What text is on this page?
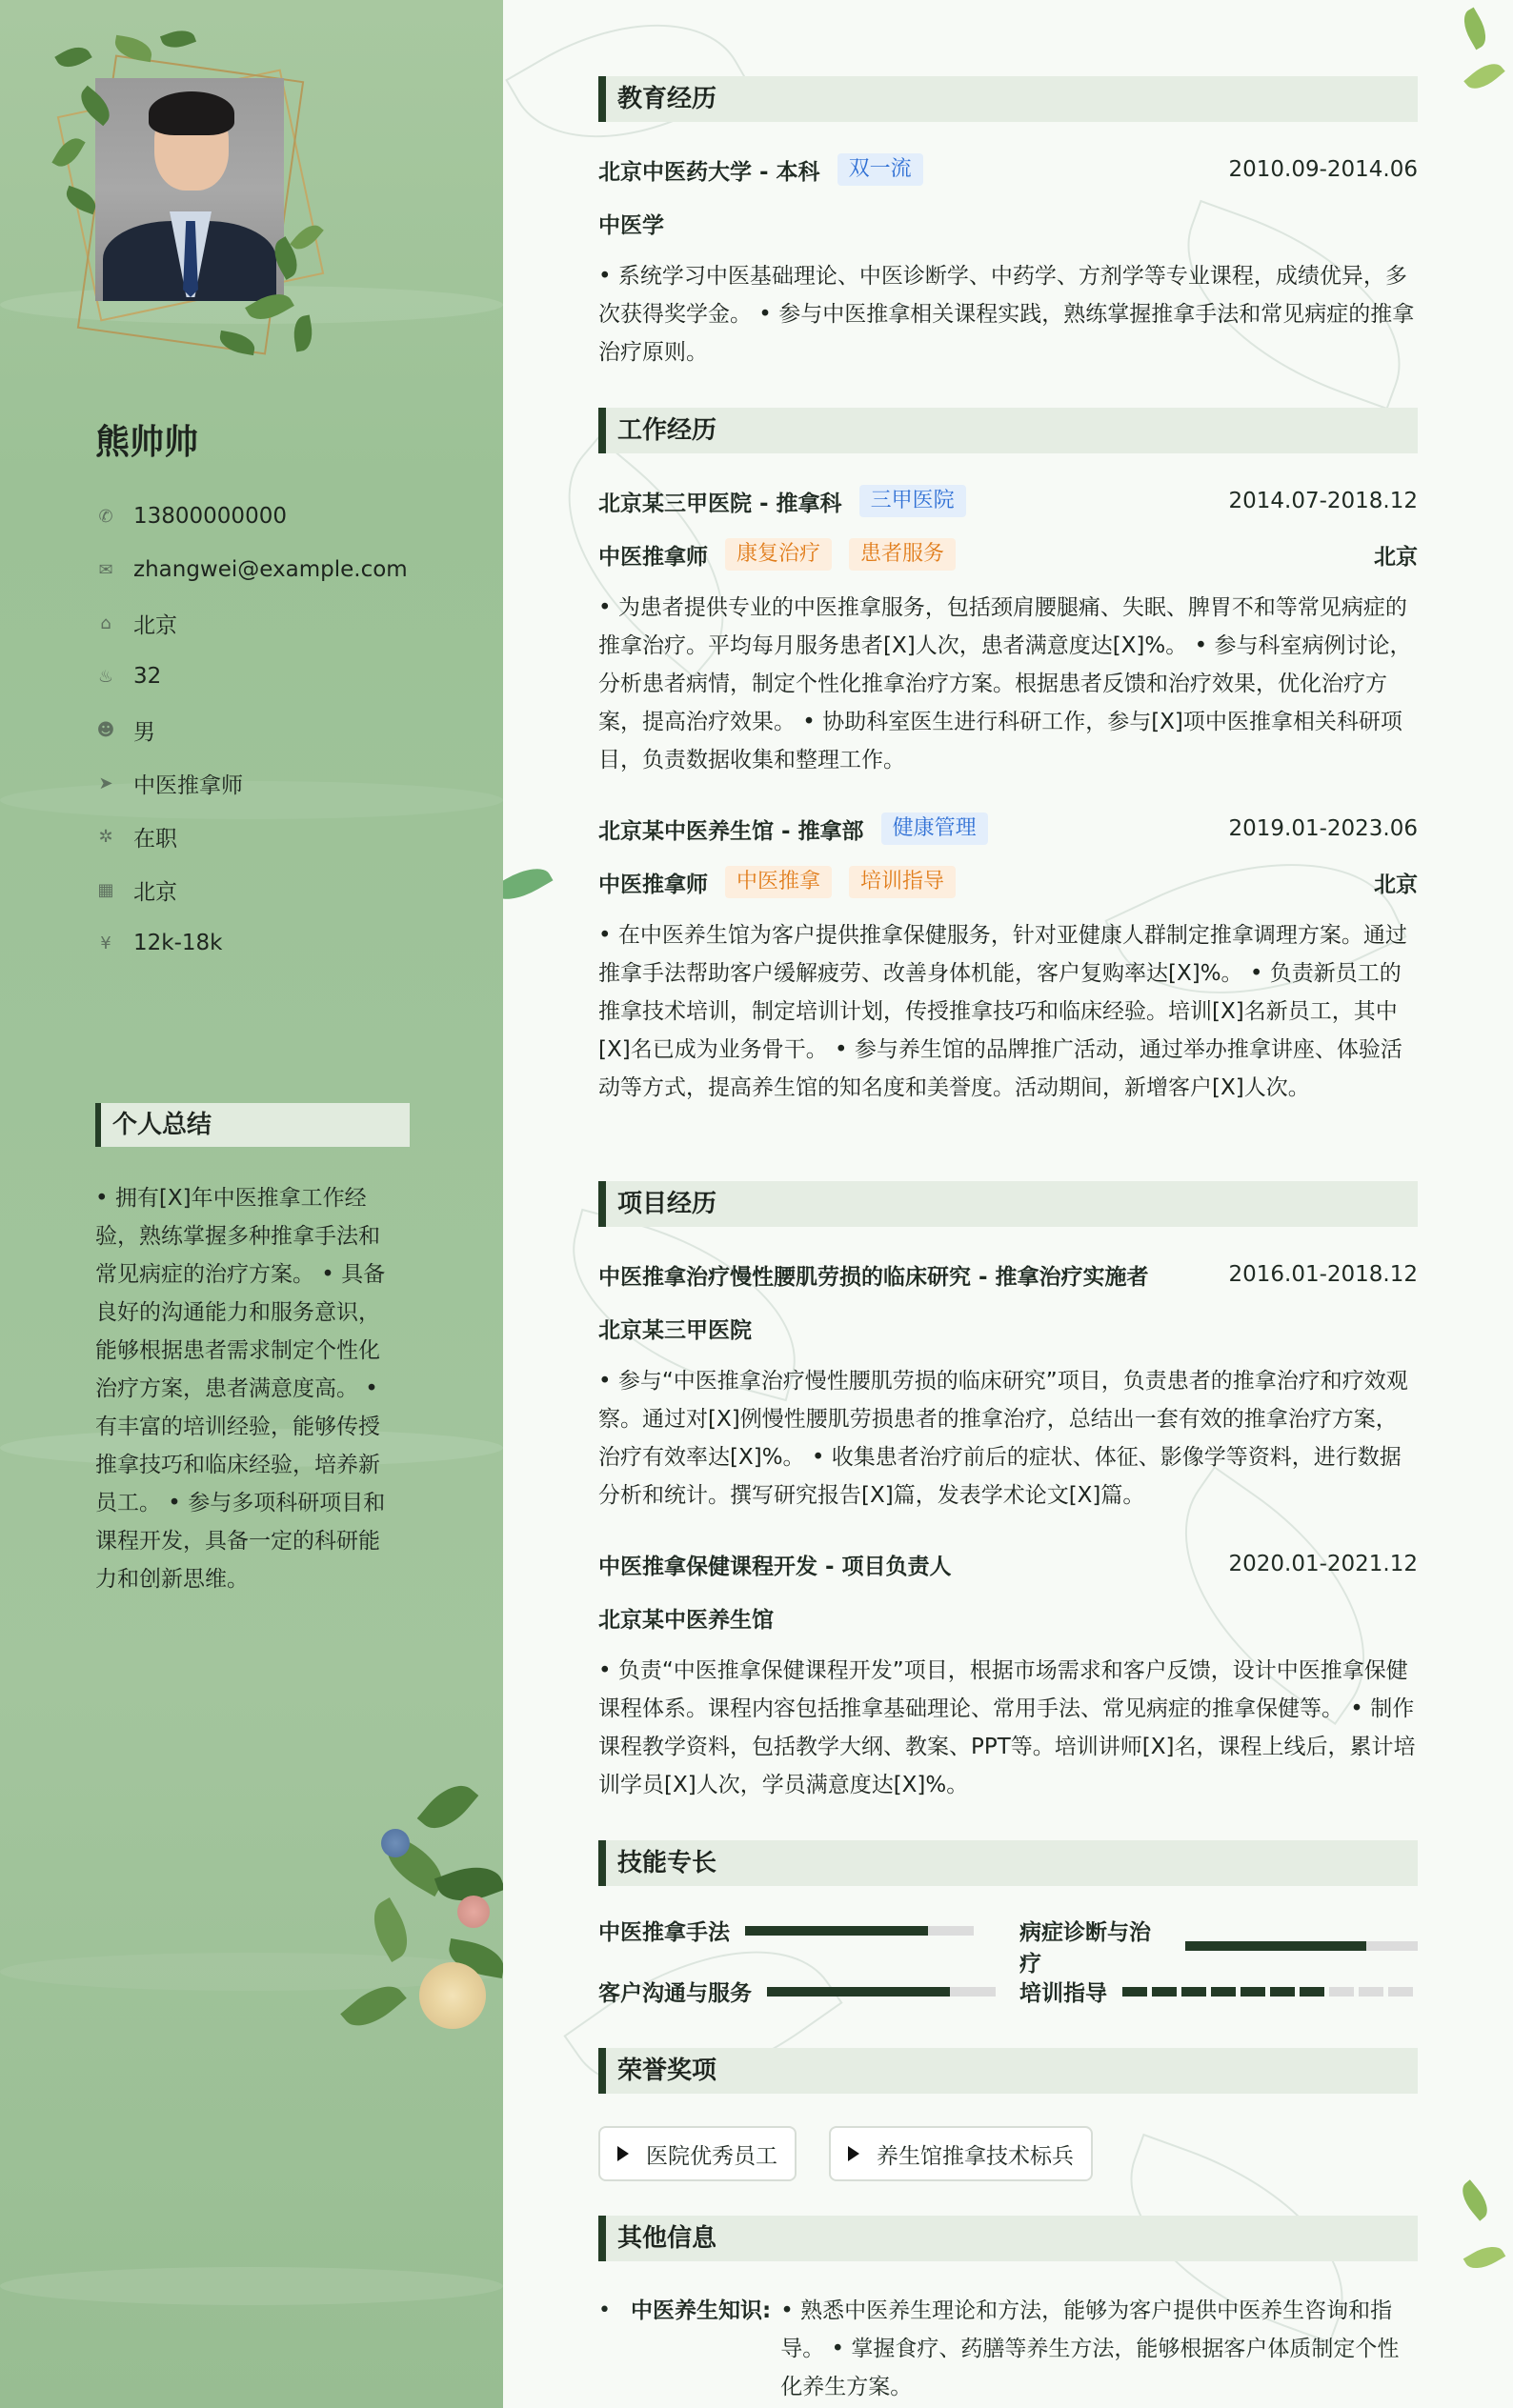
熊帅帅
✆ 13800000000
✉ zhangwei@example.com
⌂ 北京
♨ 32
☻ 男
➤ 中医推拿师
✲ 在职
▦ 北京
¥ 12k-18k
个人总结
• 拥有[X]年中医推拿工作经验，熟练掌握多种推拿手法和常见病症的治疗方案。 • 具备良好的沟通能力和服务意识，能够根据患者需求制定个性化治疗方案，患者满意度高。 • 有丰富的培训经验，能够传授推拿技巧和临床经验，培养新员工。 • 参与多项科研项目和课程开发，具备一定的科研能力和创新思维。
教育经历
北京中医药大学 - 本科	双一流	2010.09-2014.06
中医学
• 系统学习中医基础理论、中医诊断学、中药学、方剂学等专业课程，成绩优异，多次获得奖学金。 • 参与中医推拿相关课程实践，熟练掌握推拿手法和常见病症的推拿治疗原则。
工作经历
北京某三甲医院 - 推拿科	三甲医院	2014.07-2018.12
中医推拿师	康复治疗	患者服务	北京
• 为患者提供专业的中医推拿服务，包括颈肩腰腿痛、失眠、脾胃不和等常见病症的推拿治疗。平均每月服务患者[X]人次，患者满意度达[X]%。 • 参与科室病例讨论，分析患者病情，制定个性化推拿治疗方案。根据患者反馈和治疗效果，优化治疗方案，提高治疗效果。 • 协助科室医生进行科研工作，参与[X]项中医推拿相关科研项目，负责数据收集和整理工作。
北京某中医养生馆 - 推拿部	健康管理	2019.01-2023.06
中医推拿师	中医推拿	培训指导	北京
• 在中医养生馆为客户提供推拿保健服务，针对亚健康人群制定推拿调理方案。通过推拿手法帮助客户缓解疲劳、改善身体机能，客户复购率达[X]%。 • 负责新员工的推拿技术培训，制定培训计划，传授推拿技巧和临床经验。培训[X]名新员工，其中[X]名已成为业务骨干。 • 参与养生馆的品牌推广活动，通过举办推拿讲座、体验活动等方式，提高养生馆的知名度和美誉度。活动期间，新增客户[X]人次。
项目经历
中医推拿治疗慢性腰肌劳损的临床研究 - 推拿治疗实施者	2016.01-2018.12
北京某三甲医院
• 参与“中医推拿治疗慢性腰肌劳损的临床研究”项目，负责患者的推拿治疗和疗效观察。通过对[X]例慢性腰肌劳损患者的推拿治疗，总结出一套有效的推拿治疗方案，治疗有效率达[X]%。 • 收集患者治疗前后的症状、体征、影像学等资料，进行数据分析和统计。撰写研究报告[X]篇，发表学术论文[X]篇。
中医推拿保健课程开发 - 项目负责人	2020.01-2021.12
北京某中医养生馆
• 负责“中医推拿保健课程开发”项目，根据市场需求和客户反馈，设计中医推拿保健课程体系。课程内容包括推拿基础理论、常用手法、常见病症的推拿保健等。 • 制作课程教学资料，包括教学大纲、教案、PPT等。培训讲师[X]名，课程上线后，累计培训学员[X]人次，学员满意度达[X]%。
技能专长
中医推拿手法	病症诊断与治疗
客户沟通与服务	培训指导
荣誉奖项
医院优秀员工	养生馆推拿技术标兵
其他信息
• 中医养生知识: • 熟悉中医养生理论和方法，能够为客户提供中医养生咨询和指导。 • 掌握食疗、药膳等养生方法，能够根据客户体质制定个性化养生方案。
